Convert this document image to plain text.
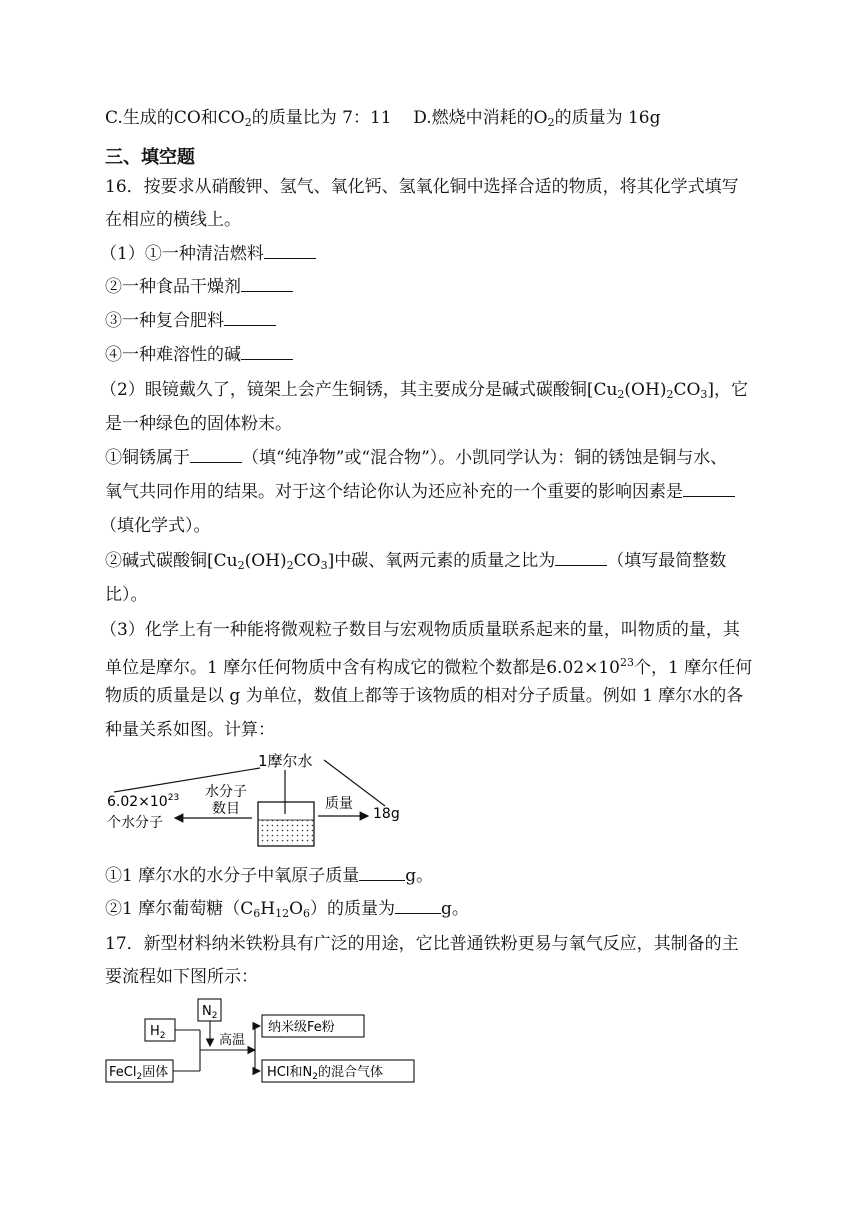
C.生成的CO和$CO_2$的质量比为 7：11 D.燃烧中消耗的$O_2$的质量为 16g
三、填空题
16．按要求从硝酸钾、氢气、氧化钙、氢氧化铜中选择合适的物质，将其化学式填写
在相应的横线上。
（1）①一种清洁燃料
②一种食品干燥剂
③一种复合肥料
④一种难溶性的碱
（2）眼镜戴久了，镜架上会产生铜锈，其主要成分是碱式碳酸铜$[Cu_2(OH)_2CO_3]$，它
是一种绿色的固体粉末。
①铜锈属于	（填“纯净物”或“混合物”）。小凯同学认为：铜的锈蚀是铜与水、
氧气共同作用的结果。对于这个结论你认为还应补充的一个重要的影响因素是
（填化学式）。
②碱式碳酸铜$[Cu_2(OH)_2CO_3]$中碳、氧两元素的质量之比为	（填写最简整数
比）。
（3）化学上有一种能将微观粒子数目与宏观物质质量联系起来的量，叫物质的量，其
单位是摩尔。1 摩尔任何物质中含有构成它的微粒个数都是$6.02\times 10^{23}$个，1 摩尔任何
物质的质量是以 g 为单位，数值上都等于该物质的相对分子质量。例如 1 摩尔水的各
种量关系如图。计算：
1摩尔水
水分子
数目
$6.02\times 10^{23}$
个水分子
质量
18g
①1 摩尔水的水分子中氧原子质量	g。
②1 摩尔葡萄糖$(C_6H_{12}O_6)$的质量为	g。
17．新型材料纳米铁粉具有广泛的用途，它比普通铁粉更易与氧气反应，其制备的主
要流程如下图所示：
$H_2$
FeCl$_2$固体
$N_2$
高温
纳米级Fe粉
HCl和$N_2$的混合气体
